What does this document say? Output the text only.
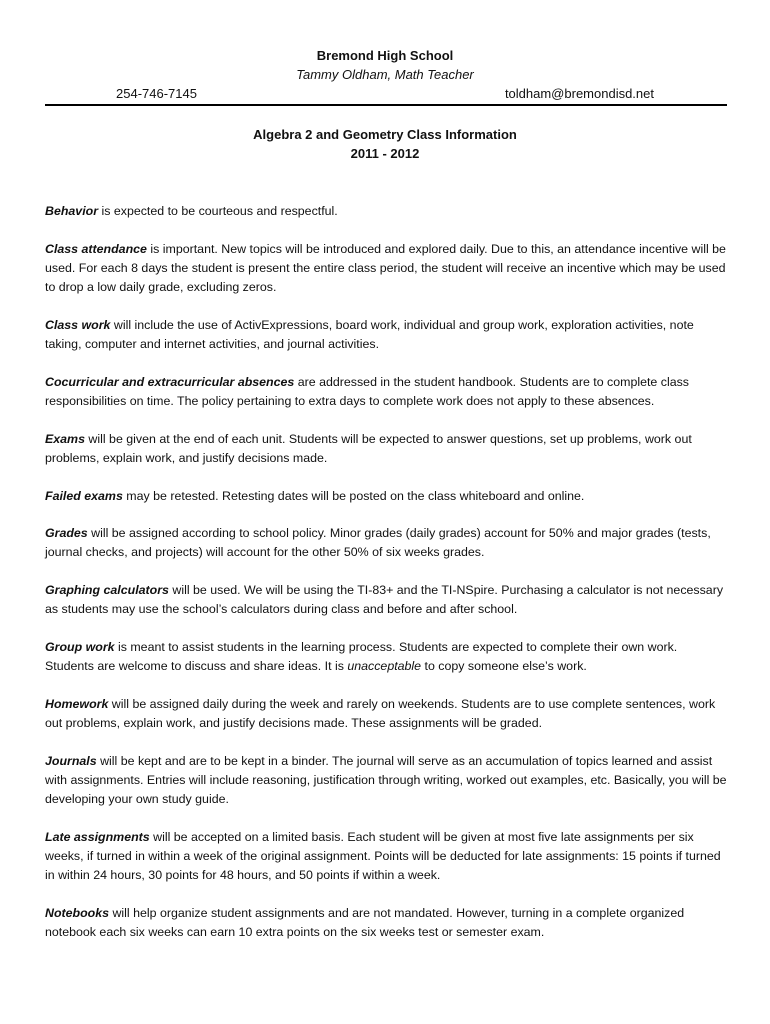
Bremond High School
Tammy Oldham, Math Teacher
254-746-7145	toldham@bremondisd.net
Algebra 2 and Geometry Class Information
2011 - 2012

Behavior is expected to be courteous and respectful.

Class attendance is important. New topics will be introduced and explored daily. Due to this, an attendance incentive will be used. For each 8 days the student is present the entire class period, the student will receive an incentive which may be used to drop a low daily grade, excluding zeros.

Class work will include the use of ActivExpressions, board work, individual and group work, exploration activities, note taking, computer and internet activities, and journal activities.

Cocurricular and extracurricular absences are addressed in the student handbook. Students are to complete class responsibilities on time. The policy pertaining to extra days to complete work does not apply to these absences.

Exams will be given at the end of each unit. Students will be expected to answer questions, set up problems, work out problems, explain work, and justify decisions made.

Failed exams may be retested. Retesting dates will be posted on the class whiteboard and online.

Grades will be assigned according to school policy. Minor grades (daily grades) account for 50% and major grades (tests, journal checks, and projects) will account for the other 50% of six weeks grades.

Graphing calculators will be used. We will be using the TI-83+ and the TI-NSpire. Purchasing a calculator is not necessary as students may use the school’s calculators during class and before and after school.

Group work is meant to assist students in the learning process. Students are expected to complete their own work. Students are welcome to discuss and share ideas. It is unacceptable to copy someone else’s work.

Homework will be assigned daily during the week and rarely on weekends. Students are to use complete sentences, work out problems, explain work, and justify decisions made. These assignments will be graded.

Journals will be kept and are to be kept in a binder. The journal will serve as an accumulation of topics learned and assist with assignments. Entries will include reasoning, justification through writing, worked out examples, etc. Basically, you will be developing your own study guide.

Late assignments will be accepted on a limited basis. Each student will be given at most five late assignments per six weeks, if turned in within a week of the original assignment. Points will be deducted for late assignments: 15 points if turned in within 24 hours, 30 points for 48 hours, and 50 points if within a week.

Notebooks will help organize student assignments and are not mandated. However, turning in a complete organized notebook each six weeks can earn 10 extra points on the six weeks test or semester exam.
